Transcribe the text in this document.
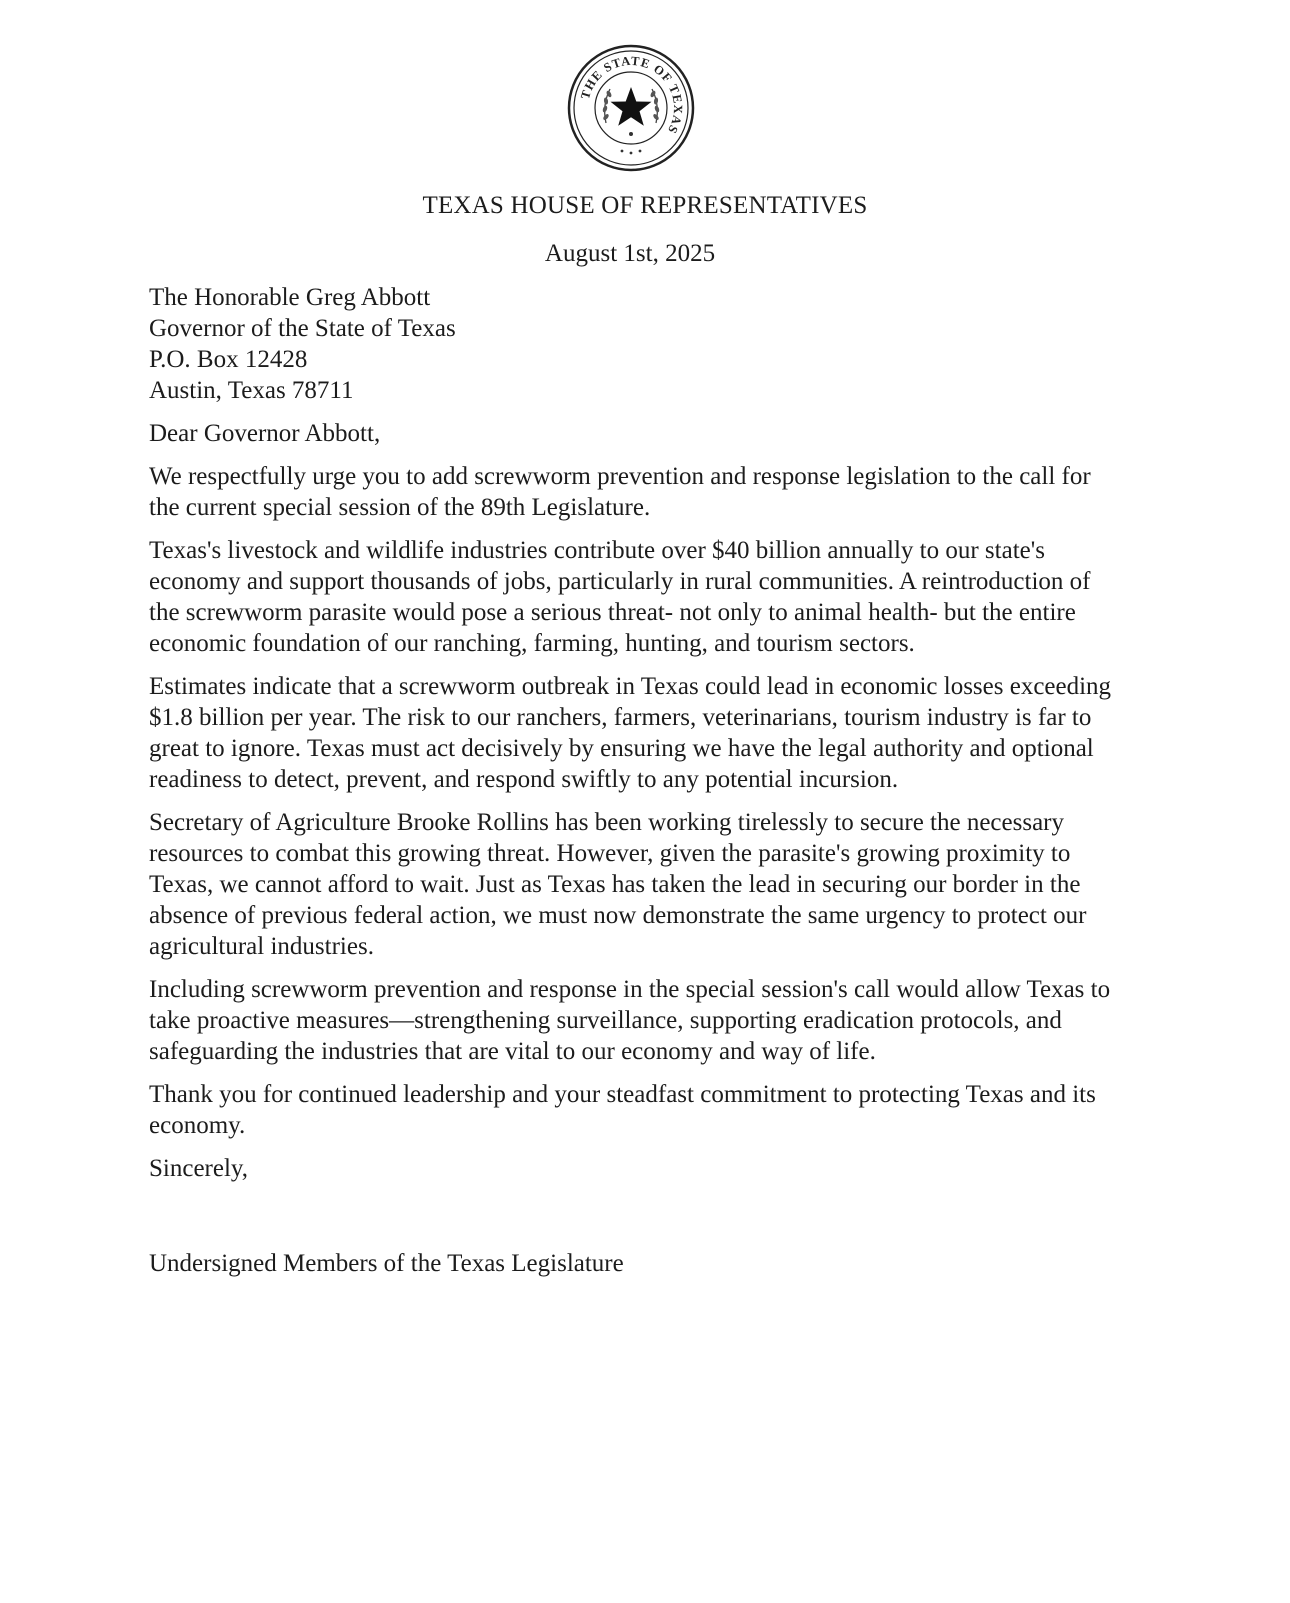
THE STATE OF TEXAS
TEXAS HOUSE OF REPRESENTATIVES
August 1st, 2025
The Honorable Greg Abbott
Governor of the State of Texas
P.O. Box 12428
Austin, Texas 78711
Dear Governor Abbott,
We respectfully urge you to add screwworm prevention and response legislation to the call for the current special session of the 89th Legislature.
Texas's livestock and wildlife industries contribute over $40 billion annually to our state's economy and support thousands of jobs, particularly in rural communities. A reintroduction of the screwworm parasite would pose a serious threat- not only to animal health- but the entire economic foundation of our ranching, farming, hunting, and tourism sectors.
Estimates indicate that a screwworm outbreak in Texas could lead in economic losses exceeding $1.8 billion per year. The risk to our ranchers, farmers, veterinarians, tourism industry is far to great to ignore. Texas must act decisively by ensuring we have the legal authority and optional readiness to detect, prevent, and respond swiftly to any potential incursion.
Secretary of Agriculture Brooke Rollins has been working tirelessly to secure the necessary resources to combat this growing threat. However, given the parasite's growing proximity to Texas, we cannot afford to wait. Just as Texas has taken the lead in securing our border in the absence of previous federal action, we must now demonstrate the same urgency to protect our agricultural industries.
Including screwworm prevention and response in the special session's call would allow Texas to take proactive measures—strengthening surveillance, supporting eradication protocols, and safeguarding the industries that are vital to our economy and way of life.
Thank you for continued leadership and your steadfast commitment to protecting Texas and its economy.
Sincerely,
Undersigned Members of the Texas Legislature
